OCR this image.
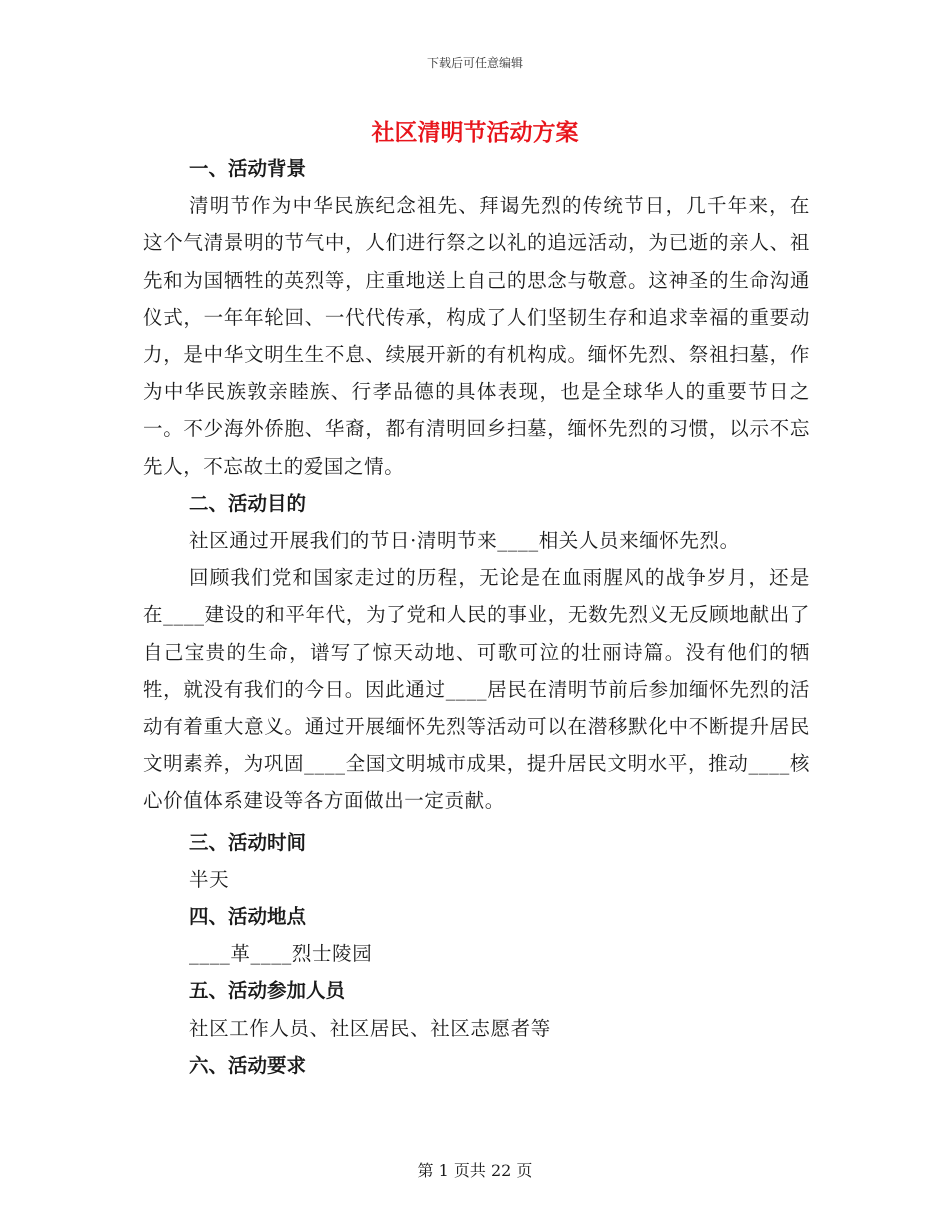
下载后可任意编辑
社区清明节活动方案

一、活动背景

清明节作为中华民族纪念祖先、拜谒先烈的传统节日，几千年来，在这个气清景明的节气中，人们进行祭之以礼的追远活动，为已逝的亲人、祖先和为国牺牲的英烈等，庄重地送上自己的思念与敬意。这神圣的生命沟通仪式，一年年轮回、一代代传承，构成了人们坚韧生存和追求幸福的重要动力，是中华文明生生不息、续展开新的有机构成。缅怀先烈、祭祖扫墓，作为中华民族敦亲睦族、行孝品德的具体表现，也是全球华人的重要节日之一。不少海外侨胞、华裔，都有清明回乡扫墓，缅怀先烈的习惯，以示不忘先人，不忘故土的爱国之情。

二、活动目的

社区通过开展我们的节日·清明节来____相关人员来缅怀先烈。

回顾我们党和国家走过的历程，无论是在血雨腥风的战争岁月，还是在____建设的和平年代，为了党和人民的事业，无数先烈义无反顾地献出了自己宝贵的生命，谱写了惊天动地、可歌可泣的壮丽诗篇。没有他们的牺牲，就没有我们的今日。因此通过____居民在清明节前后参加缅怀先烈的活动有着重大意义。通过开展缅怀先烈等活动可以在潜移默化中不断提升居民文明素养，为巩固____全国文明城市成果，提升居民文明水平，推动____核心价值体系建设等各方面做出一定贡献。

三、活动时间

半天

四、活动地点

____革____烈士陵园

五、活动参加人员

社区工作人员、社区居民、社区志愿者等

六、活动要求

第 1 页共 22 页
